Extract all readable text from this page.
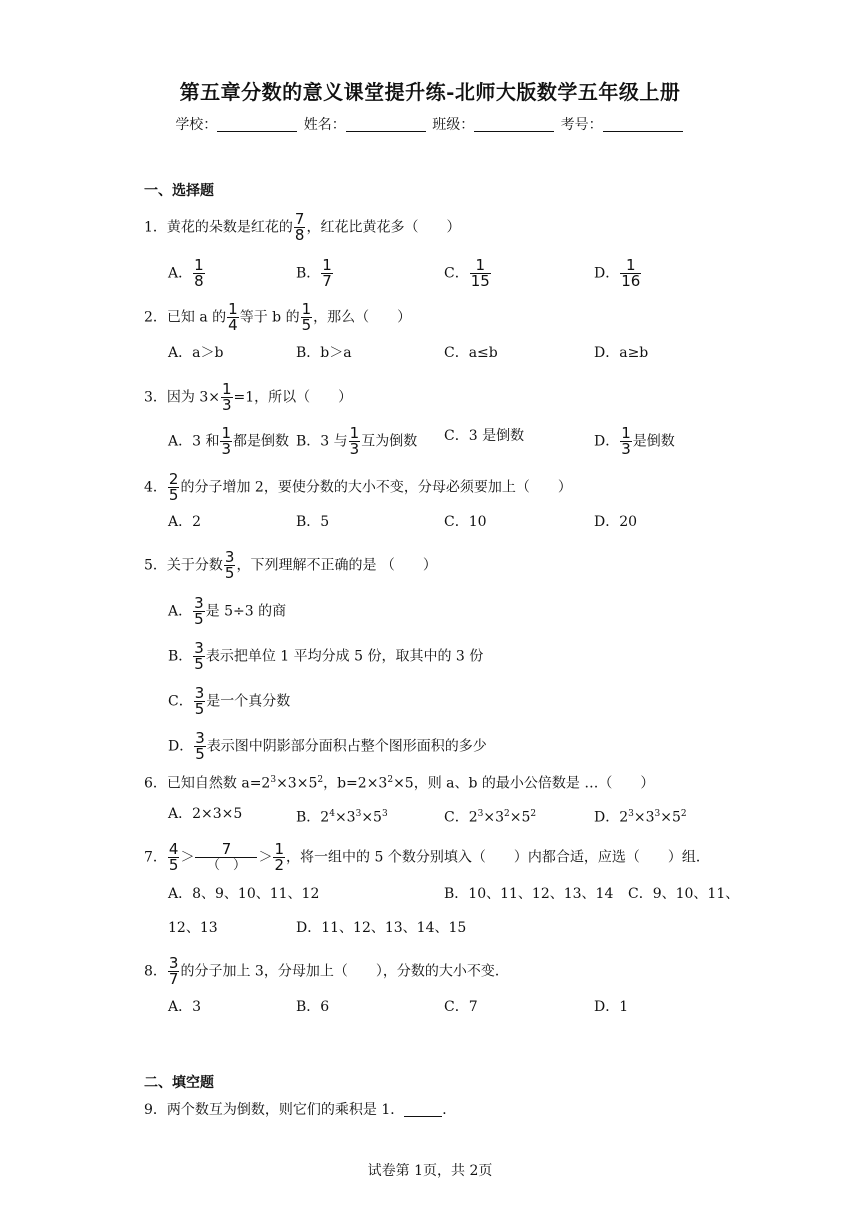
第五章分数的意义课堂提升练-北师大版数学五年级上册
学校：	姓名：	班级：	考号：
一、选择题
1．黄花的朵数是红花的 $\frac{7}{8}$ ，红花比黄花多（　　）
A． $\frac{1}{8}$	B． $\frac{1}{7}$	C． $\frac{1}{15}$	D． $\frac{1}{16}$
2．已知 a 的 $\frac{1}{4}$ 等于 b 的 $\frac{1}{5}$ ，那么（　　）
A．a＞b	B．b＞a	C．a≤b	D．a≥b
3．因为 $3\times \frac{1}{3} =1$，所以（　　）
A．3 和 $\frac{1}{3}$ 都是倒数 B．3 与 $\frac{1}{3}$ 互为倒数 C．3 是倒数	D． $\frac{1}{3}$ 是倒数
4． $\frac{2}{5}$ 的分子增加 2，要使分数的大小不变，分母必须要加上（　　）
A．2	B．5	C．10	D．20
5．关于分数 $\frac{3}{5}$ ，下列理解不正确的是 （　　）
A． $\frac{3}{5}$ 是 5÷3 的商
B． $\frac{3}{5}$ 表示把单位 1 平均分成 5 份，取其中的 3 份
C． $\frac{3}{5}$ 是一个真分数
D． $\frac{3}{5}$ 表示图中阴影部分面积占整个图形面积的多少
6．已知自然数 $a=2^3\times 3\times 5^2$，$b=2\times 3^2\times 5$，则 a、b 的最小公倍数是 …（　　）
A．2×3×5	B．$2^4\times 3^3\times 5^3$	C．$2^3\times 3^2\times 5^2$	D．$2^3\times 3^3\times 5^2$
7． $\frac{4}{5} > \frac{7}{( )} > \frac{1}{2}$ ，将一组中的 5 个数分别填入（　　）内都合适，应选（　　）组．
A．8、9、10、11、12	B．10、11、12、13、14 C．9、10、11、
12、13	D．11、12、13、14、15
8． $\frac{3}{7}$ 的分子加上 3，分母加上（　　），分数的大小不变．
A．3	B．6	C．7	D．1
二、填空题
9．两个数互为倒数，则它们的乘积是 1．	．
试卷第 1页，共 2页
